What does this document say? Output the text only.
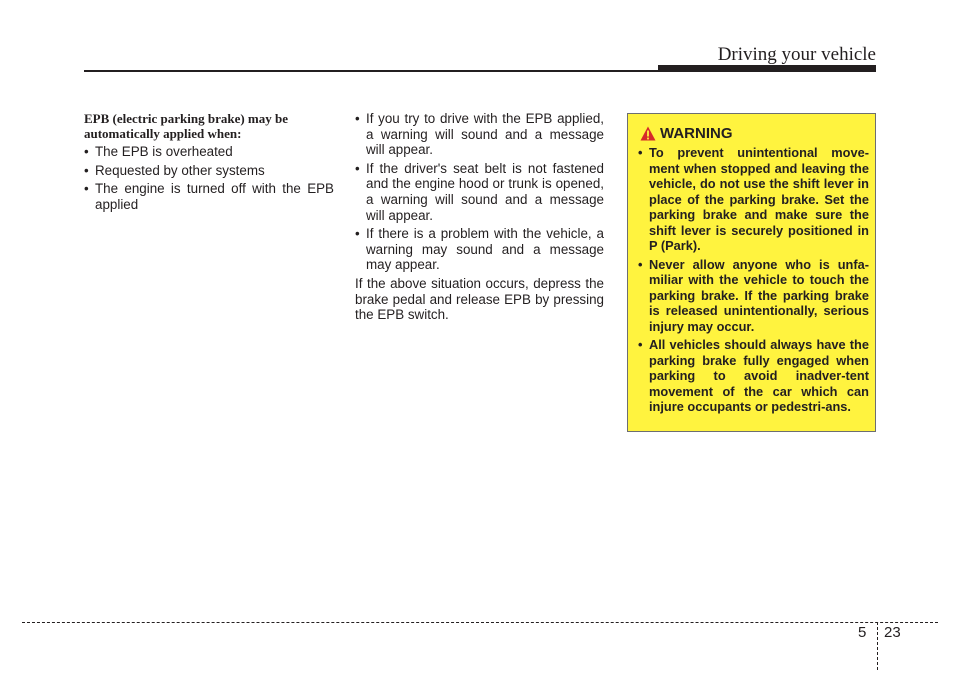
Driving your vehicle

EPB (electric parking brake) may be automatically applied when:

• The EPB is overheated
• Requested by other systems
• The engine is turned off with the EPB applied
• If you try to drive with the EPB applied, a warning will sound and a message will appear.
• If the driver's seat belt is not fastened and the engine hood or trunk is opened, a warning will sound and a message will appear.
• If there is a problem with the vehicle, a warning may sound and a message may appear.

If the above situation occurs, depress the brake pedal and release EPB by pressing the EPB switch.

WARNING
• To prevent unintentional move-ment when stopped and leaving the vehicle, do not use the shift lever in place of the parking brake. Set the parking brake and make sure the shift lever is securely positioned in P (Park).
• Never allow anyone who is unfa-miliar with the vehicle to touch the parking brake. If the parking brake is released unintentionally, serious injury may occur.
• All vehicles should always have the parking brake fully engaged when parking to avoid inadver-tent movement of the car which can injure occupants or pedestri-ans.
5 23
